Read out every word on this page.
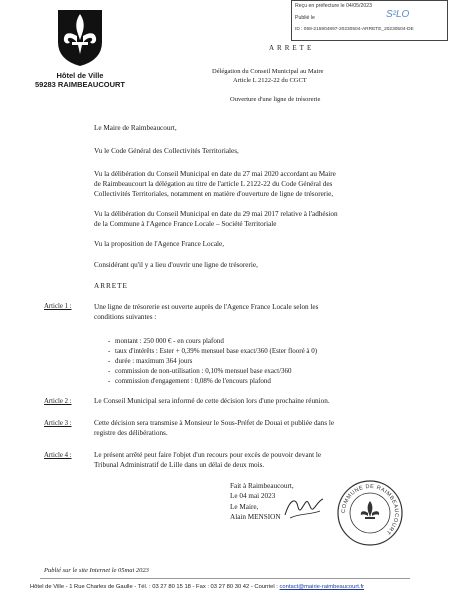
Reçu en préfecture le 04/05/2023
Publié le	S²LO
ID : 059-215904897-20230504-ARRETE_20230504-DE
Hôtel de Ville
59283 RAIMBEAUCOURT
ARRETE
Délégation du Conseil Municipal au Maire
Article L 2122-22 du CGCT
Ouverture d'une ligne de trésorerie
Le Maire de Raimbeaucourt,
Vu le Code Général des Collectivités Territoriales,
Vu la délibération du Conseil Municipal en date du 27 mai 2020 accordant au Maire
de Raimbeaucourt la délégation au titre de l'article L 2122-22 du Code Général des
Collectivités Territoriales, notamment en matière d'ouverture de ligne de trésorerie,
Vu la délibération du Conseil Municipal en date du 29 mai 2017 relative à l'adhésion
de la Commune à l'Agence France Locale – Société Territoriale
Vu la proposition de l'Agence France Locale,
Considérant qu'il y a lieu d'ouvrir une ligne de trésorerie,
ARRETE
Article 1 :	Une ligne de trésorerie est ouverte auprès de l'Agence France Locale selon les
conditions suivantes :
- montant : 250 000 € - en cours plafond
- taux d'intérêts : Ester + 0,39% mensuel base exact/360 (Ester flooré à 0)
- durée : maximum 364 jours
- commission de non-utilisation : 0,10% mensuel base exact/360
- commission d'engagement : 0,08% de l'encours plafond
Article 2 :	Le Conseil Municipal sera informé de cette décision lors d'une prochaine réunion.
Article 3 :	Cette décision sera transmise à Monsieur le Sous-Préfet de Douai et publiée dans le
registre des délibérations.
Article 4 :	Le présent arrêté peut faire l'objet d'un recours pour excès de pouvoir devant le
Tribunal Administratif de Lille dans un délai de deux mois.
Fait à Raimbeaucourt,
Le 04 mai 2023
Le Maire,
Alain MENSION
COMMUNE DE RAIMBEAUCOURT
Publié sur le site Internet le 05mai 2023
Hôtel de Ville - 1 Rue Charles de Gaulle - Tél. : 03 27 80 15 18 - Fax : 03 27 80 30 42 - Courriel : contact@mairie-raimbeaucourt.fr
